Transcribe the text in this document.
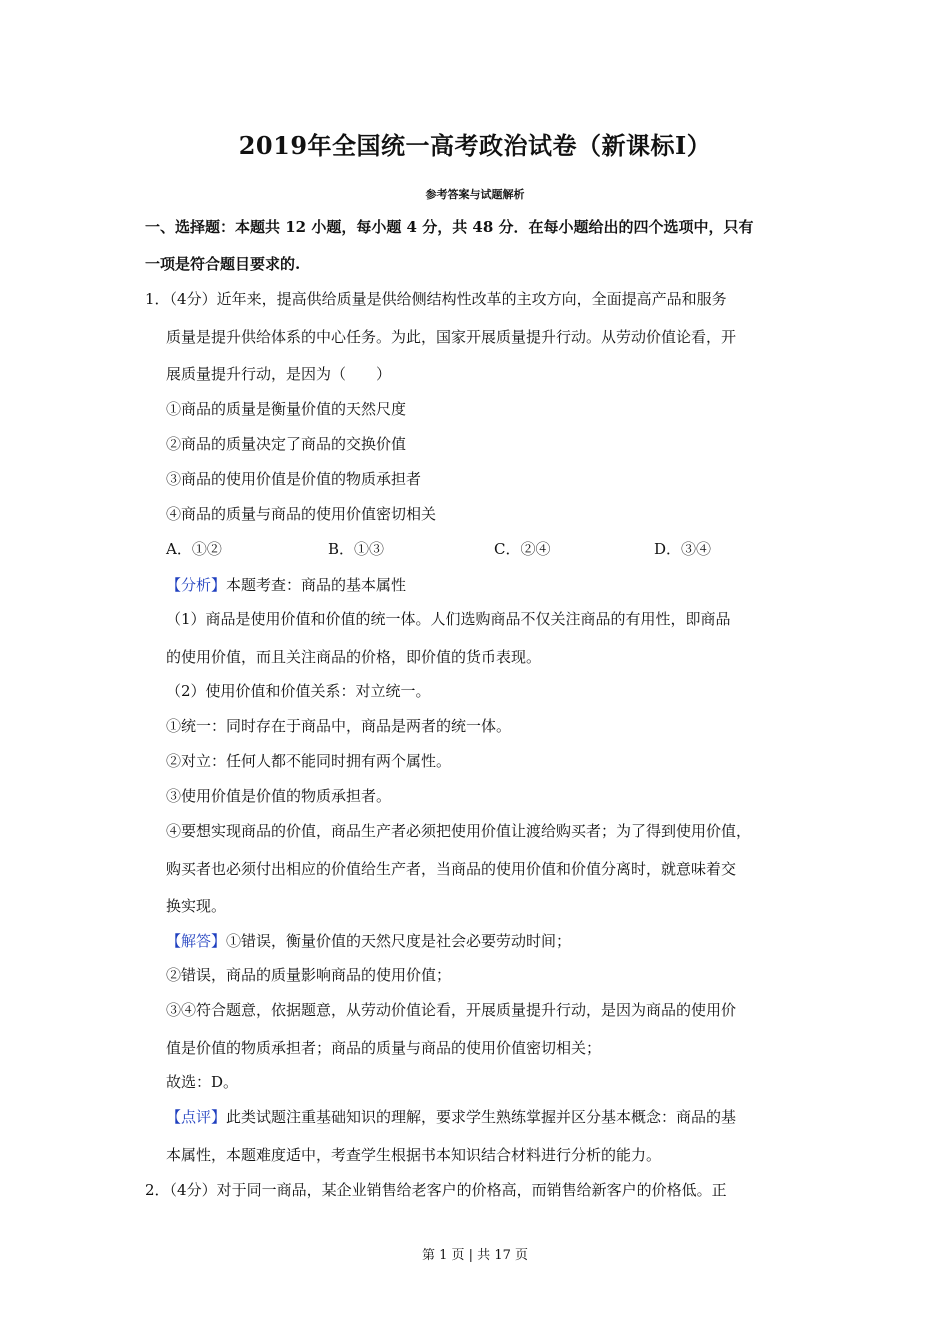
2019年全国统一高考政治试卷（新课标Ⅰ）
参考答案与试题解析
一、选择题：本题共 12 小题，每小题 4 分，共 48 分．在每小题给出的四个选项中，只有
一项是符合题目要求的.
1．（4分）近年来，提高供给质量是供给侧结构性改革的主攻方向，全面提高产品和服务
质量是提升供给体系的中心任务。为此，国家开展质量提升行动。从劳动价值论看，开
展质量提升行动，是因为（　　）
①商品的质量是衡量价值的天然尺度
②商品的质量决定了商品的交换价值
③商品的使用价值是价值的物质承担者
④商品的质量与商品的使用价值密切相关
A．①②	B．①③	C．②④	D．③④
【分析】本题考查：商品的基本属性
（1）商品是使用价值和价值的统一体。人们选购商品不仅关注商品的有用性，即商品
的使用价值，而且关注商品的价格，即价值的货币表现。
（2）使用价值和价值关系：对立统一。
①统一：同时存在于商品中，商品是两者的统一体。
②对立：任何人都不能同时拥有两个属性。
③使用价值是价值的物质承担者。
④要想实现商品的价值，商品生产者必须把使用价值让渡给购买者；为了得到使用价值，
购买者也必须付出相应的价值给生产者，当商品的使用价值和价值分离时，就意味着交
换实现。
【解答】①错误，衡量价值的天然尺度是社会必要劳动时间；
②错误，商品的质量影响商品的使用价值；
③④符合题意，依据题意，从劳动价值论看，开展质量提升行动，是因为商品的使用价
值是价值的物质承担者；商品的质量与商品的使用价值密切相关；
故选：D。
【点评】此类试题注重基础知识的理解，要求学生熟练掌握并区分基本概念：商品的基
本属性，本题难度适中，考查学生根据书本知识结合材料进行分析的能力。
2．（4分）对于同一商品，某企业销售给老客户的价格高，而销售给新客户的价格低。正
第 1 页 | 共 17 页
